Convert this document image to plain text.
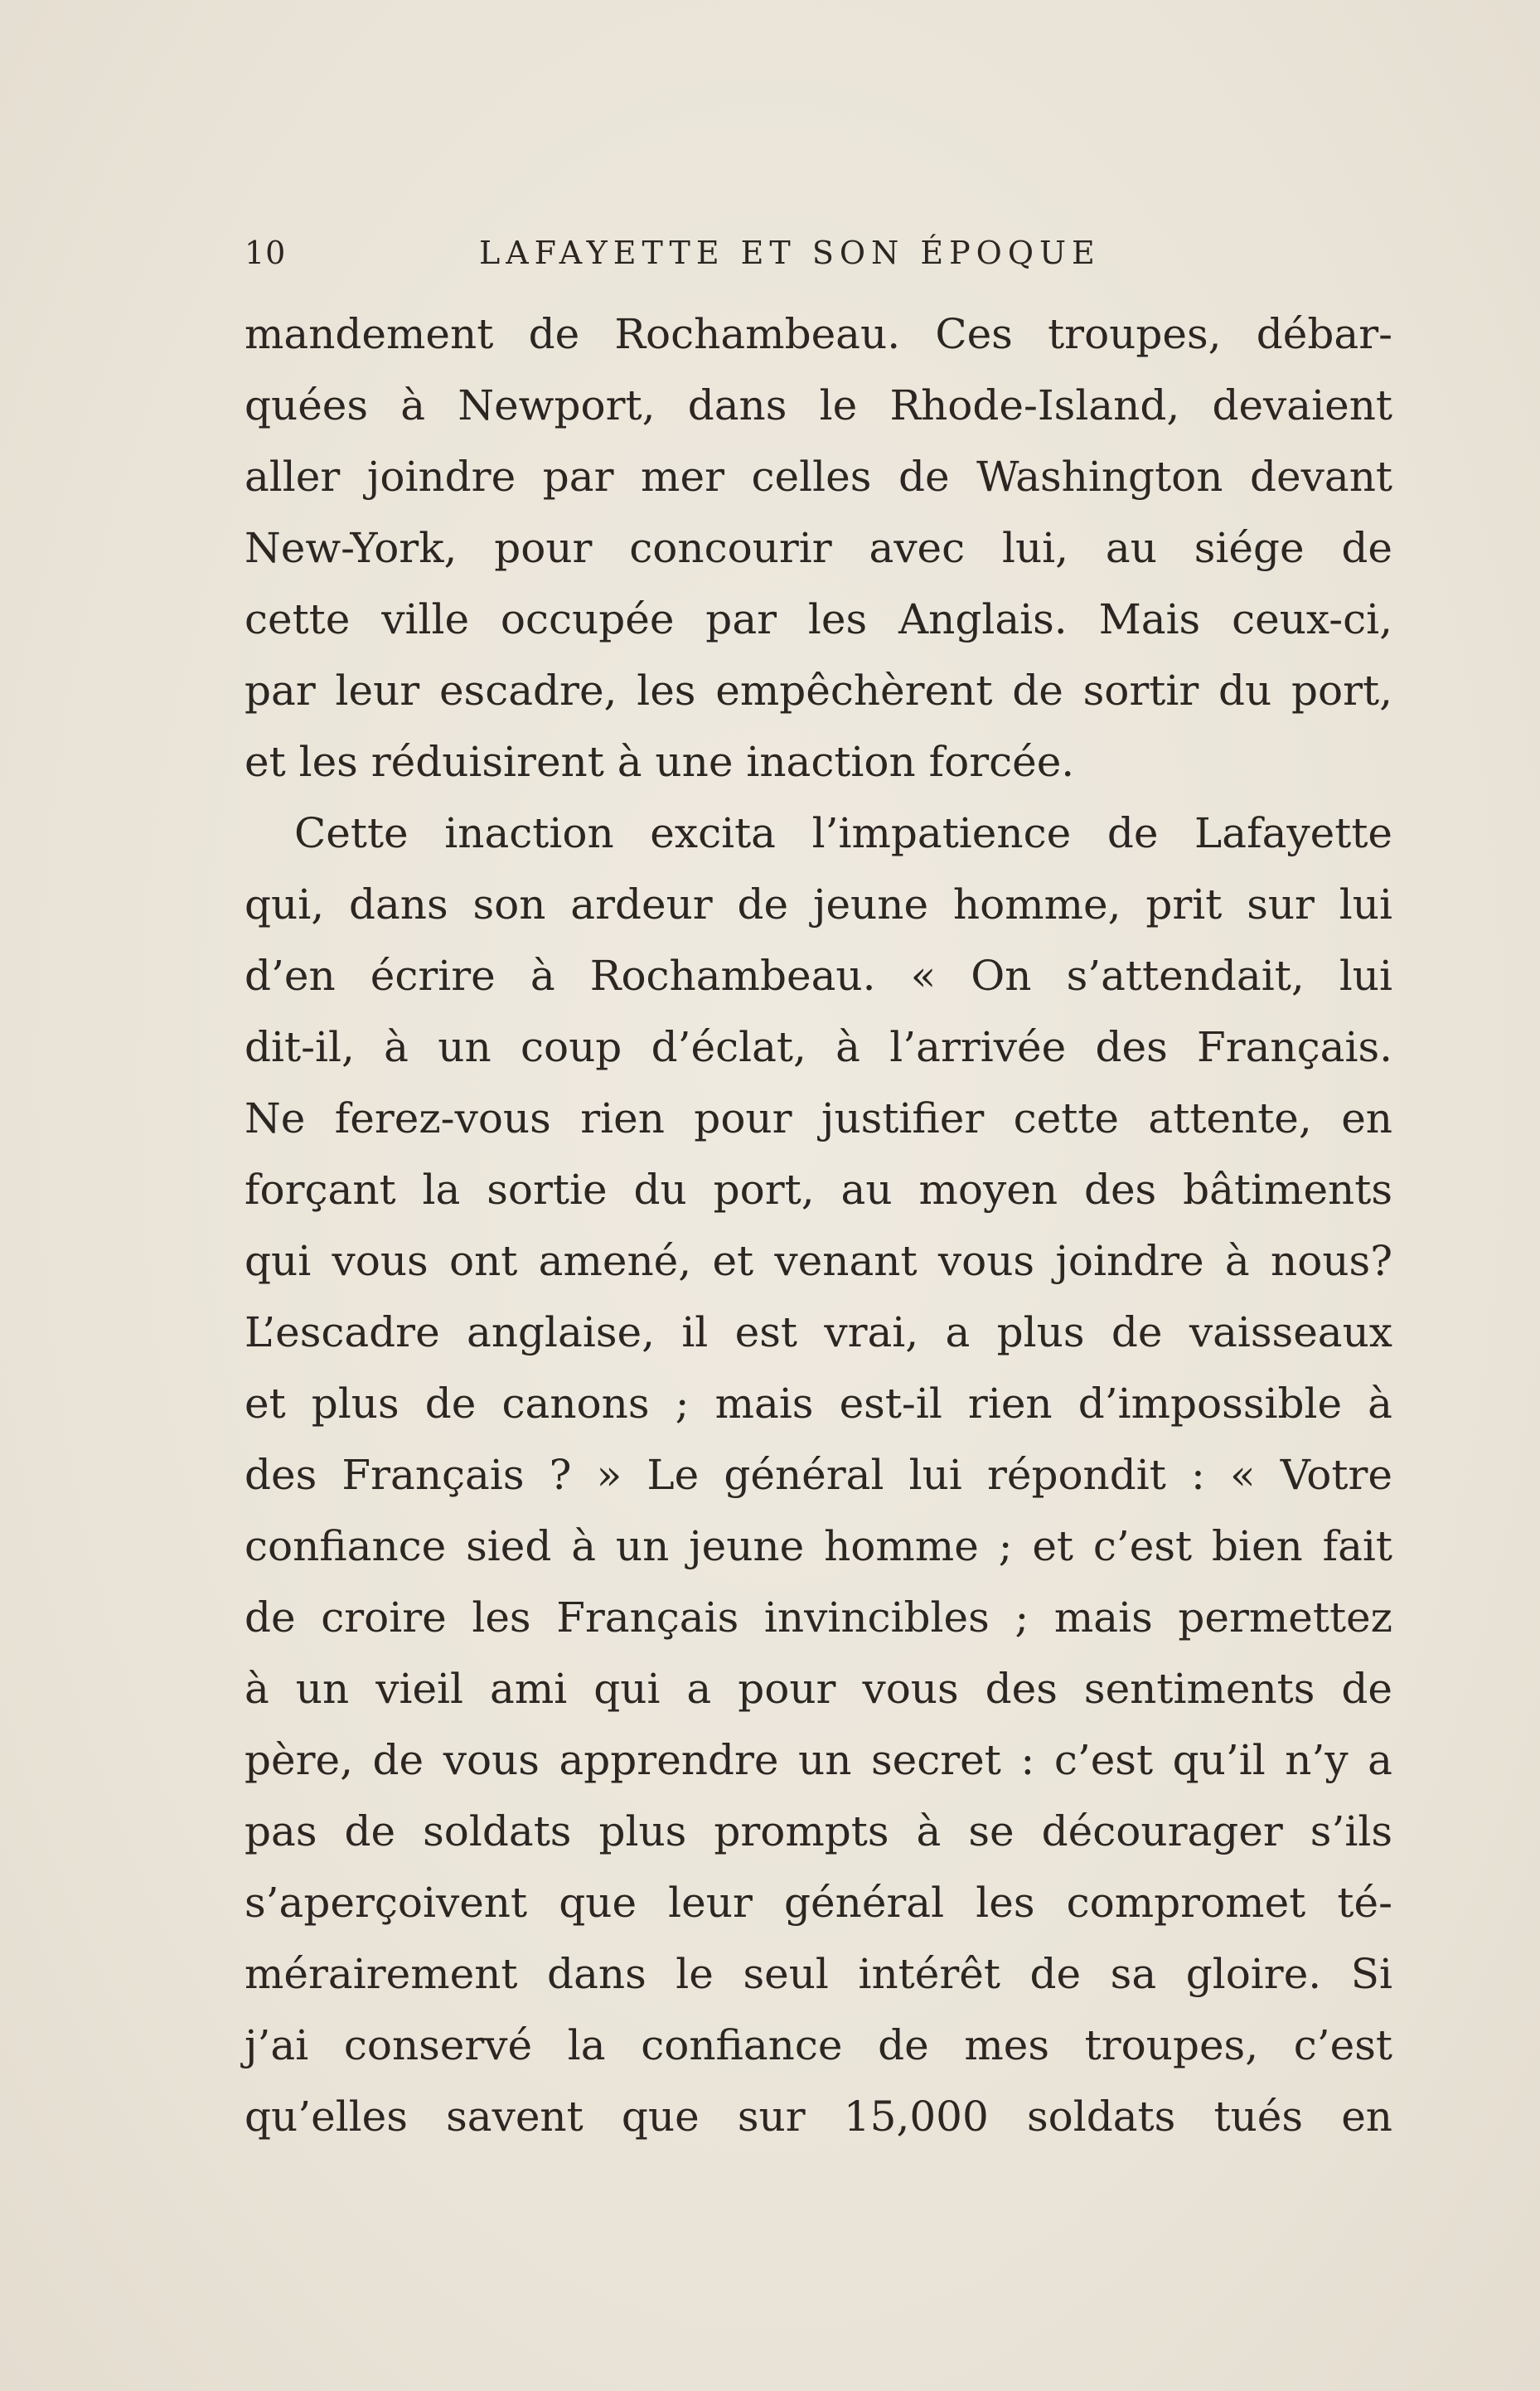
10	LAFAYETTE ET SON ÉPOQUE
mandement de Rochambeau. Ces troupes, débar-
quées à Newport, dans le Rhode-Island, devaient
aller joindre par mer celles de Washington devant
New-York, pour concourir avec lui, au siége de
cette ville occupée par les Anglais. Mais ceux-ci,
par leur escadre, les empêchèrent de sortir du port,
et les réduisirent à une inaction forcée.
Cette inaction excita l’impatience de Lafayette
qui, dans son ardeur de jeune homme, prit sur lui
d’en écrire à Rochambeau. « On s’attendait, lui
dit-il, à un coup d’éclat, à l’arrivée des Français.
Ne ferez-vous rien pour justifier cette attente, en
forçant la sortie du port, au moyen des bâtiments
qui vous ont amené, et venant vous joindre à nous?
L’escadre anglaise, il est vrai, a plus de vaisseaux
et plus de canons ; mais est-il rien d’impossible à
des Français ? » Le général lui répondit : « Votre
confiance sied à un jeune homme ; et c’est bien fait
de croire les Français invincibles ; mais permettez
à un vieil ami qui a pour vous des sentiments de
père, de vous apprendre un secret : c’est qu’il n’y a
pas de soldats plus prompts à se décourager s’ils
s’aperçoivent que leur général les compromet té-
mérairement dans le seul intérêt de sa gloire. Si
j’ai conservé la confiance de mes troupes, c’est
qu’elles savent que sur 15,000 soldats tués en
